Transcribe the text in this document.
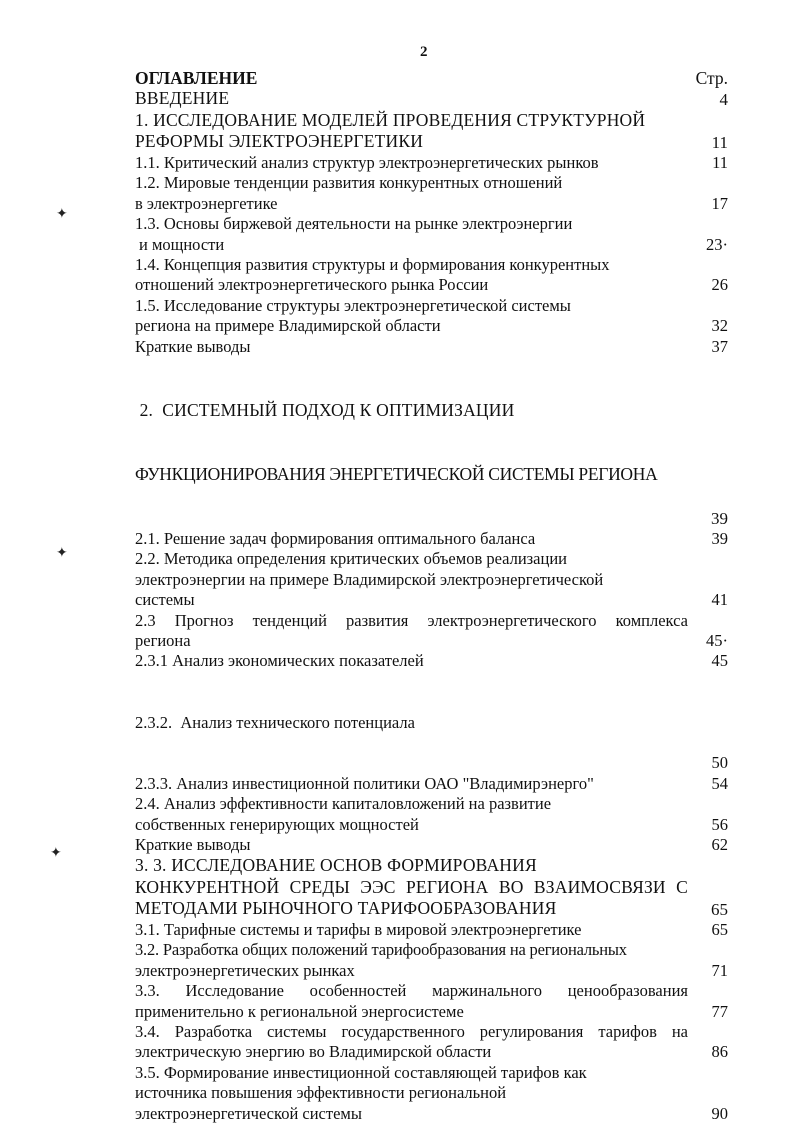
2
✦
✦
✦
ОГЛАВЛЕНИЕ	Стр.
ВВЕДЕНИЕ	4
1. ИССЛЕДОВАНИЕ МОДЕЛЕЙ ПРОВЕДЕНИЯ СТРУКТУРНОЙ
РЕФОРМЫ ЭЛЕКТРОЭНЕРГЕТИКИ	11
1.1. Критический анализ структур электроэнергетических рынков	11
1.2. Мировые тенденции развития конкурентных отношений
в электроэнергетике	17
1.3. Основы биржевой деятельности на рынке электроэнергии
и мощности	23·
1.4. Концепция развития структуры и формирования конкурентных
отношений электроэнергетического рынка России	26
1.5. Исследование структуры электроэнергетической системы
региона на примере Владимирской области	32
Краткие выводы	37

2.  СИСТЕМНЫЙ ПОДХОД К ОПТИМИЗАЦИИ

ФУНКЦИОНИРОВАНИЯ ЭНЕРГЕТИЧЕСКОЙ СИСТЕМЫ РЕГИОНА

39
2.1. Решение задач формирования оптимального баланса	39
2.2. Методика определения критических объемов реализации
электроэнергии на примере Владимирской электроэнергетической
системы	41
2.3 Прогноз тенденций развития электроэнергетического комплекса
региона	45·
2.3.1 Анализ экономических показателей	45

2.3.2.  Анализ технического потенциала

50
2.3.3. Анализ инвестиционной политики ОАО "Владимирэнерго"	54
2.4. Анализ эффективности капиталовложений на развитие
собственных генерирующих мощностей	56
Краткие выводы	62
3. 3. ИССЛЕДОВАНИЕ ОСНОВ ФОРМИРОВАНИЯ
КОНКУРЕНТНОЙ СРЕДЫ ЭЭС РЕГИОНА ВО ВЗАИМОСВЯЗИ С
МЕТОДАМИ РЫНОЧНОГО ТАРИФООБРАЗОВАНИЯ	65
3.1. Тарифные системы и тарифы в мировой электроэнергетике	65
3.2. Разработка общих положений тарифообразования на региональных
электроэнергетических рынках	71
3.3. Исследование особенностей маржинального ценообразования
применительно к региональной энергосистеме	77
3.4. Разработка системы государственного регулирования тарифов на
электрическую энергию во Владимирской области	86
3.5. Формирование инвестиционной составляющей тарифов как
источника повышения эффективности региональной
электроэнергетической системы	90
